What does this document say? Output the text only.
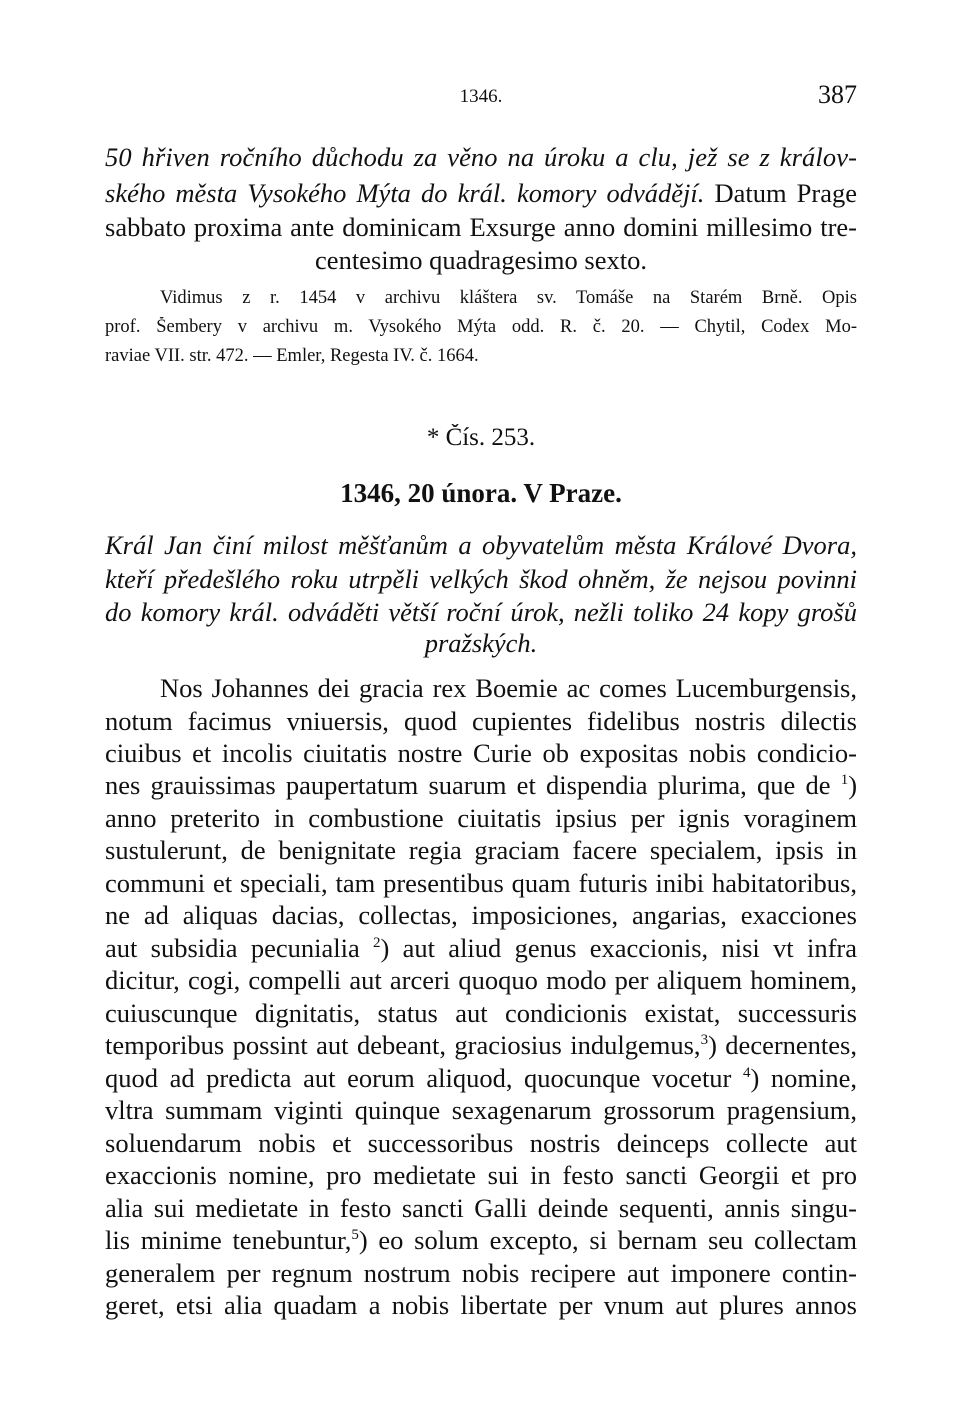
1346.	387
50 hřiven ročního důchodu za věno na úroku a clu, jež se z králov-
ského města Vysokého Mýta do král. komory odvádějí. Datum Prage
sabbato proxima ante dominicam Exsurge anno domini millesimo tre-
centesimo quadragesimo sexto.
Vidimus z r. 1454 v archivu kláštera sv. Tomáše na Starém Brně. Opis
prof. Šembery v archivu m. Vysokého Mýta odd. R. č. 20. — Chytil, Codex Mo-
raviae VII. str. 472. — Emler, Regesta IV. č. 1664.
* Čís. 253.
1346, 20 února. V Praze.
Král Jan činí milost měšťanům a obyvatelům města Králové Dvora,
kteří předešlého roku utrpěli velkých škod ohněm, že nejsou povinni
do komory král. odváděti větší roční úrok, nežli toliko 24 kopy grošů
pražských.
Nos Johannes dei gracia rex Boemie ac comes Lucemburgensis,
notum facimus vniuersis, quod cupientes fidelibus nostris dilectis
ciuibus et incolis ciuitatis nostre Curie ob expositas nobis condicio-
nes grauissimas paupertatum suarum et dispendia plurima, que de $^1$)
anno preterito in combustione ciuitatis ipsius per ignis voraginem
sustulerunt, de benignitate regia graciam facere specialem, ipsis in
communi et speciali, tam presentibus quam futuris inibi habitatoribus,
ne ad aliquas dacias, collectas, imposiciones, angarias, exacciones
aut subsidia pecunialia $^2$) aut aliud genus exaccionis, nisi vt infra
dicitur, cogi, compelli aut arceri quoquo modo per aliquem hominem,
cuiuscunque dignitatis, status aut condicionis existat, successuris
temporibus possint aut debeant, graciosius indulgemus,$^3$) decernentes,
quod ad predicta aut eorum aliquod, quocunque vocetur $^4$) nomine,
vltra summam viginti quinque sexagenarum grossorum pragensium,
soluendarum nobis et successoribus nostris deinceps collecte aut
exaccionis nomine, pro medietate sui in festo sancti Georgii et pro
alia sui medietate in festo sancti Galli deinde sequenti, annis singu-
lis minime tenebuntur,$^5$) eo solum excepto, si bernam seu collectam
generalem per regnum nostrum nobis recipere aut imponere contin-
geret, etsi alia quadam a nobis libertate per vnum aut plures annos
